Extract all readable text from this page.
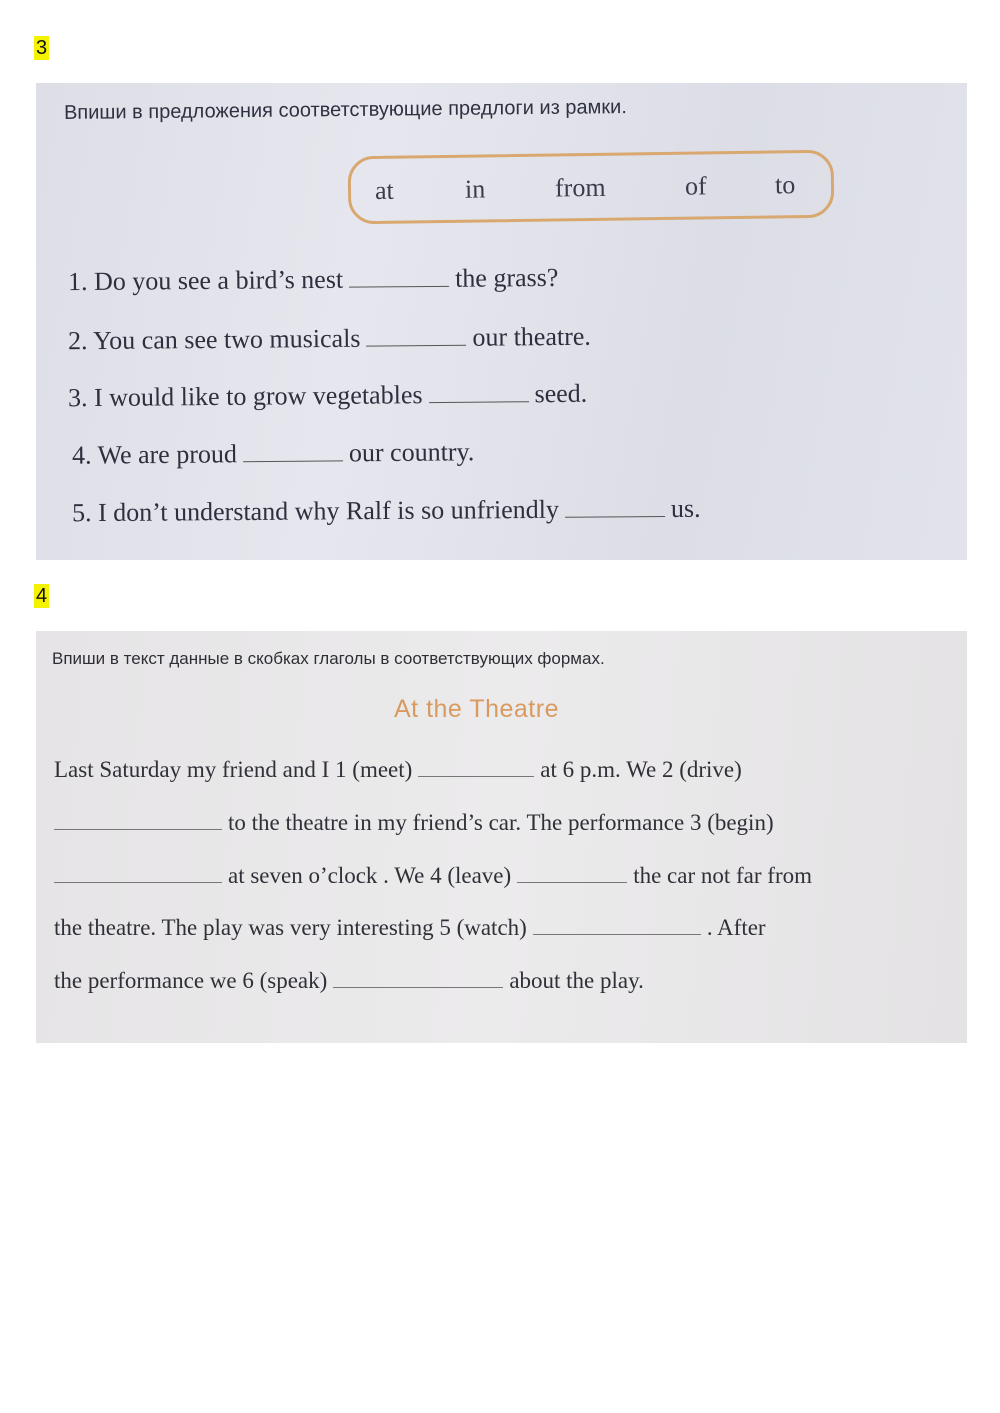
3
Впиши в предложения соответствующие предлоги из рамки.
at	in	from	of	to
1. Do you see a bird’s nest	the grass?
2. You can see two musicals	our theatre.
3. I would like to grow vegetables	seed.
4. We are proud	our country.
5. I don’t understand why Ralf is so unfriendly	us.
4
Впиши в текст данные в скобках глаголы в соответствующих формах.
At the Theatre
Last Saturday my friend and I 1 (meet)	at 6 p.m. We 2 (drive)
to the theatre in my friend’s car. The performance 3 (begin)
at seven o’clock . We 4 (leave)	the car not far from
the theatre. The play was very interesting 5 (watch)	. After
the performance we 6 (speak)	about the play.
